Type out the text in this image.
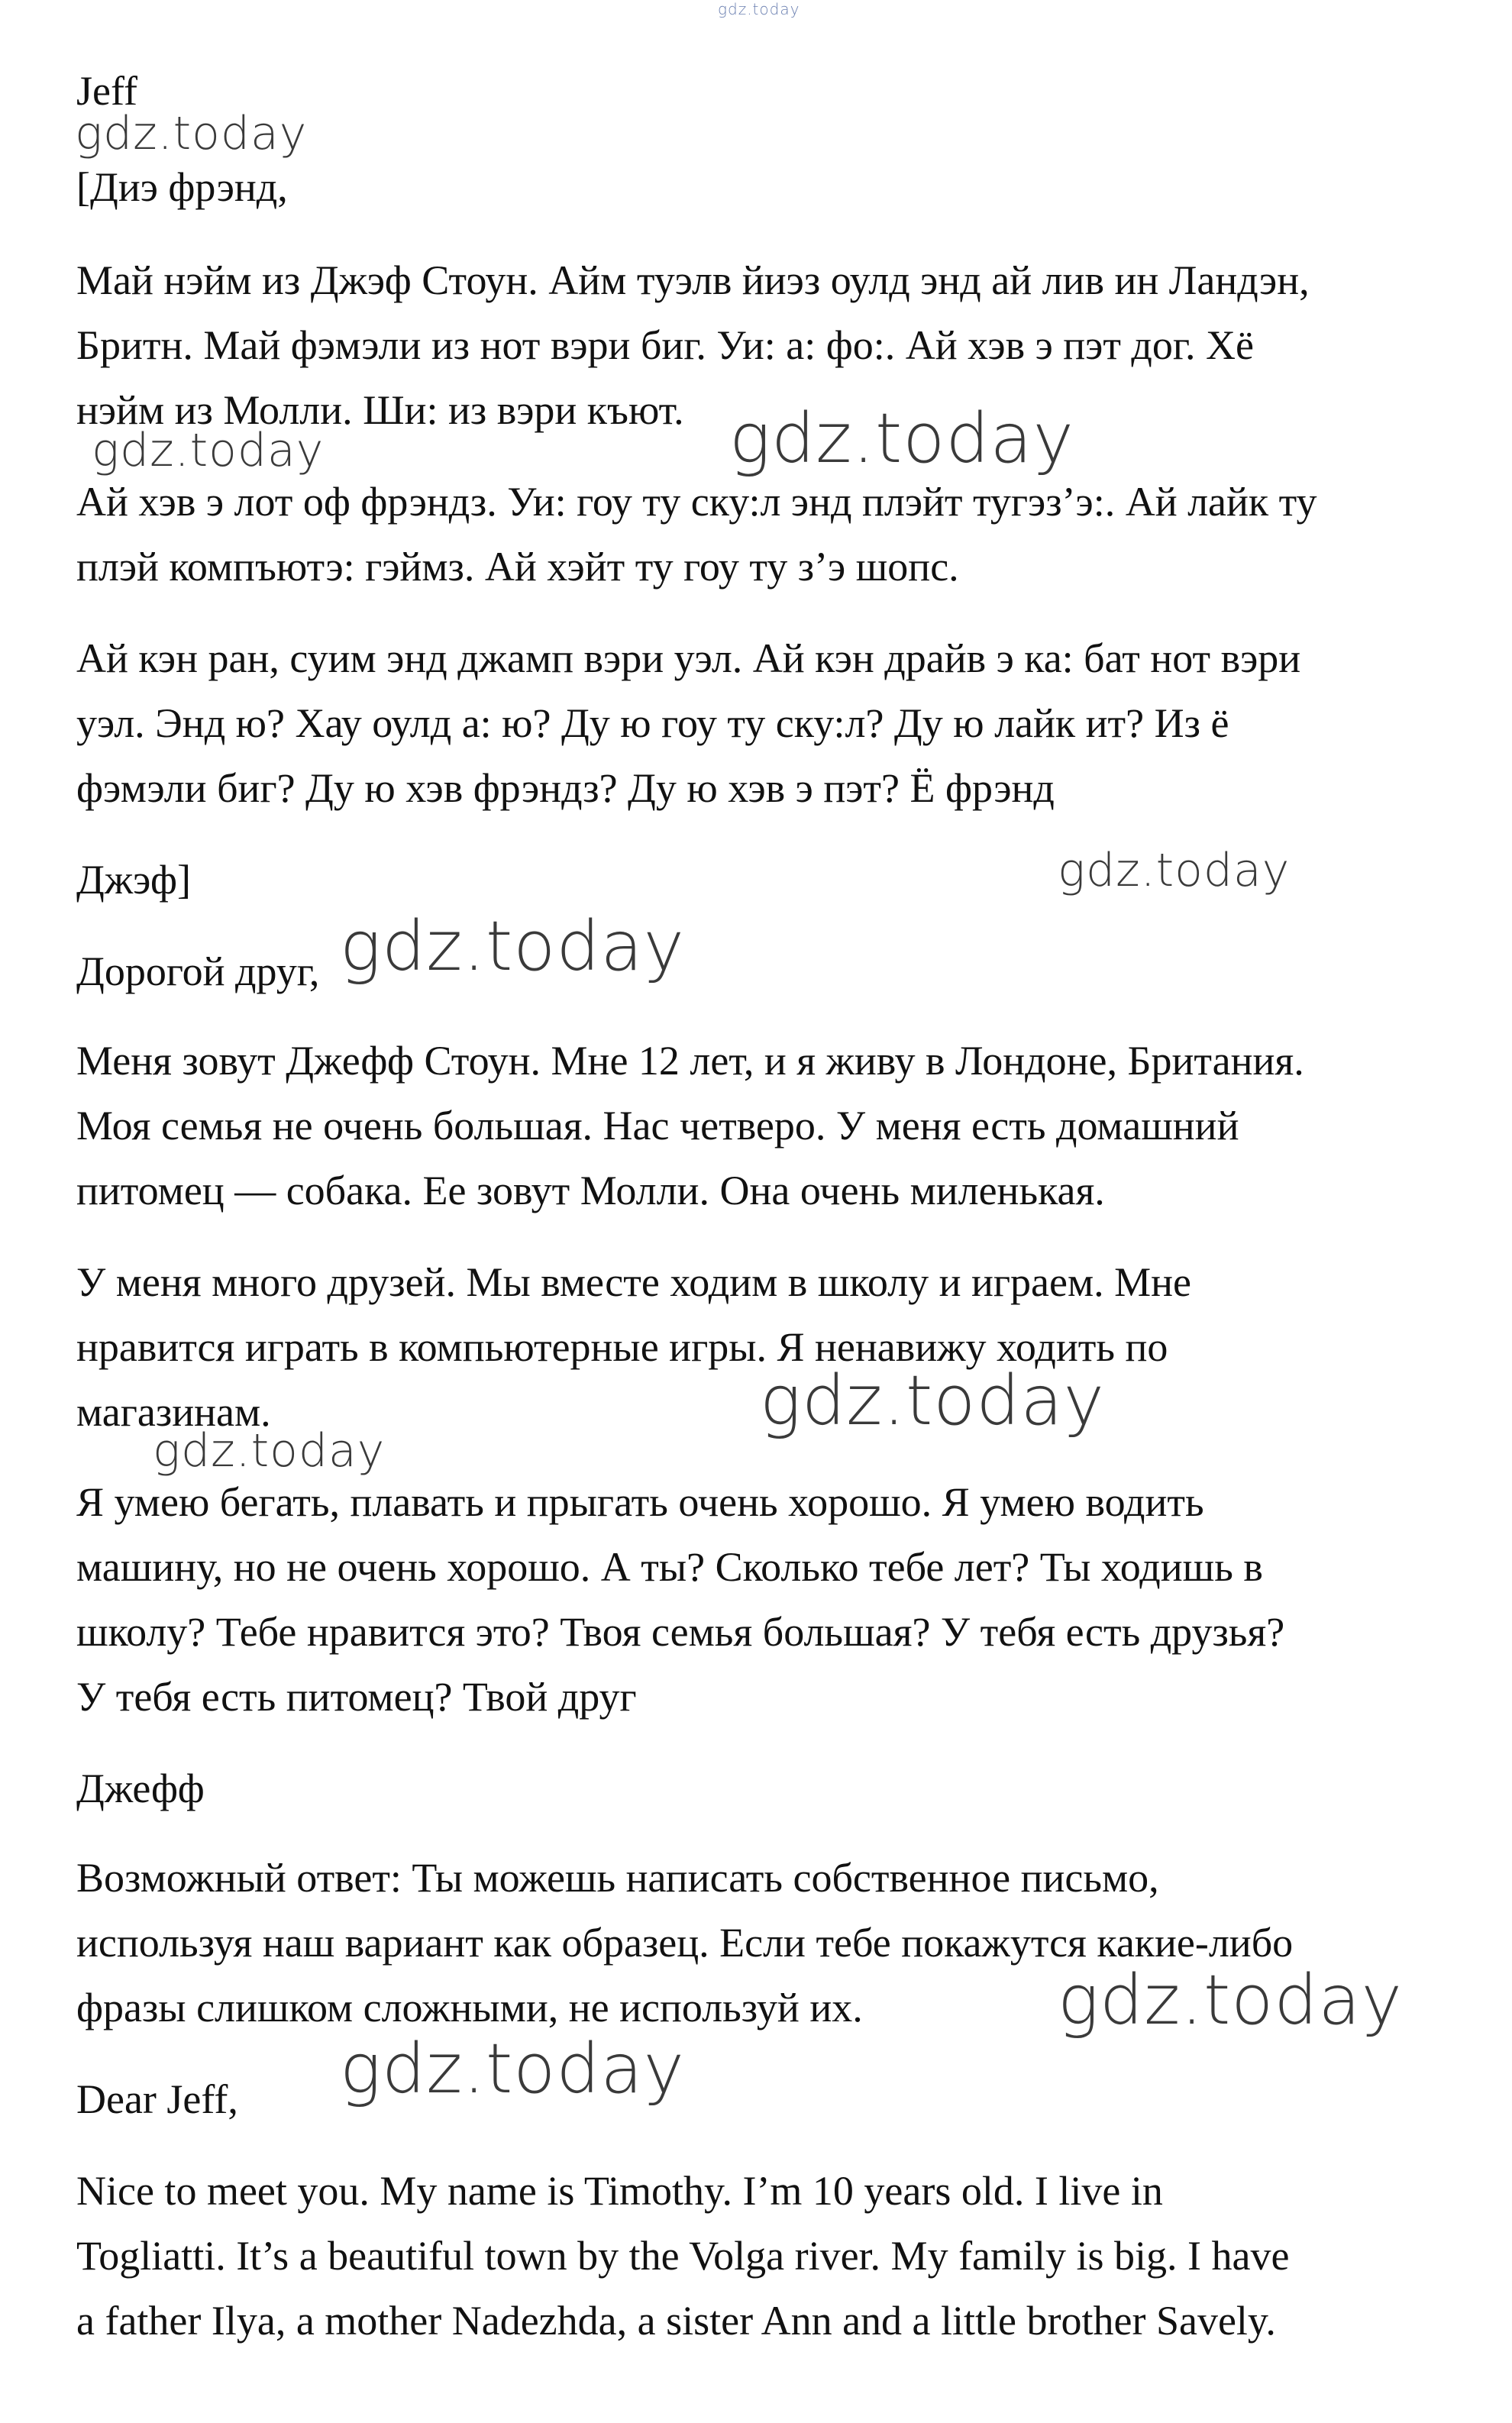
gdz.today
Jeff
gdz.today
[Диэ фрэнд,
Май нэйм из Джэф Стоун. Айм туэлв йиэз оулд энд ай лив ин Ландэн,
Бритн. Май фэмэли из нот вэри биг. Уи: а: фо:. Ай хэв э пэт дог. Хё
нэйм из Молли. Ши: из вэри къют. gdz.today
gdz.today
Ай хэв э лот оф фрэндз. Уи: гоу ту ску:л энд плэйт тугэз’э:. Ай лайк ту
плэй компъютэ: гэймз. Ай хэйт ту гоу ту з’э шопс.
Ай кэн ран, суим энд джамп вэри уэл. Ай кэн драйв э ка: бат нот вэри
уэл. Энд ю? Хау оулд а: ю? Ду ю гоу ту ску:л? Ду ю лайк ит? Из ё
фэмэли биг? Ду ю хэв фрэндз? Ду ю хэв э пэт? Ё фрэнд
Джэф]	gdz.today
Дорогой друг, gdz.today
Меня зовут Джефф Стоун. Мне 12 лет, и я живу в Лондоне, Британия.
Моя семья не очень большая. Нас четверо. У меня есть домашний
питомец — собака. Ее зовут Молли. Она очень миленькая.
У меня много друзей. Мы вместе ходим в школу и играем. Мне
нравится играть в компьютерные игры. Я ненавижу ходить по
магазинам.	gdz.today
gdz.today
Я умею бегать, плавать и прыгать очень хорошо. Я умею водить
машину, но не очень хорошо. А ты? Сколько тебе лет? Ты ходишь в
школу? Тебе нравится это? Твоя семья большая? У тебя есть друзья?
У тебя есть питомец? Твой друг
Джефф
Возможный ответ: Ты можешь написать собственное письмо,
используя наш вариант как образец. Если тебе покажутся какие-либо
фразы слишком сложными, не используй их.	gdz.today
Dear Jeff, gdz.today
Nice to meet you. My name is Timothy. I’m 10 years old. I live in
Togliatti. It’s a beautiful town by the Volga river. My family is big. I have
a father Ilya, a mother Nadezhda, a sister Ann and a little brother Savely.
